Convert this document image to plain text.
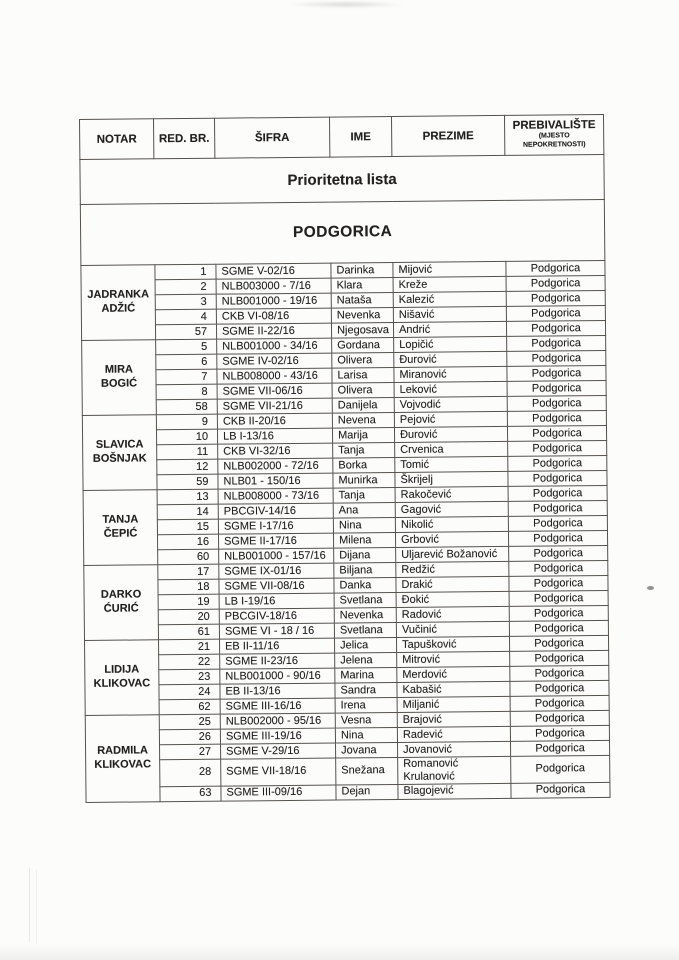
NOTAR	RED. BR.	ŠIFRA	IME	PREZIME	PREBIVALIŠTE
(MJESTO
NEPOKRETNOSTI)

Prioritetna lista					
PODGORICA					
JADRANKA ADŽIĆ	1	SGME V-02/16	Darinka	Mijović	Podgorica
	2	NLB003000 - 7/16	Klara	Kreže	Podgorica
	3	NLB001000 - 19/16	Nataša	Kalezić	Podgorica
	4	CKB VI-08/16	Nevenka	Nišavić	Podgorica
	57	SGME II-22/16	Njegosava	Andrić	Podgorica
MIRA BOGIĆ	5	NLB001000 - 34/16	Gordana	Lopičić	Podgorica
	6	SGME IV-02/16	Olivera	Đurović	Podgorica
	7	NLB008000 - 43/16	Larisa	Miranović	Podgorica
	8	SGME VII-06/16	Olivera	Leković	Podgorica
	58	SGME VII-21/16	Danijela	Vojvodić	Podgorica
SLAVICA BOŠNJAK	9	CKB II-20/16	Nevena	Pejović	Podgorica
	10	LB I-13/16	Marija	Đurović	Podgorica
	11	CKB VI-32/16	Tanja	Crvenica	Podgorica
	12	NLB002000 - 72/16	Borka	Tomić	Podgorica
	59	NLB01 - 150/16	Munirka	Škrijelj	Podgorica
TANJA ČEPIĆ	13	NLB008000 - 73/16	Tanja	Rakočević	Podgorica
	14	PBCGIV-14/16	Ana	Gagović	Podgorica
	15	SGME I-17/16	Nina	Nikolić	Podgorica
	16	SGME II-17/16	Milena	Grbović	Podgorica
	60	NLB001000 - 157/16	Dijana	Uljarević Božanović	Podgorica
DARKO ĆURIĆ	17	SGME IX-01/16	Biljana	Redžić	Podgorica
	18	SGME VII-08/16	Danka	Drakić	Podgorica
	19	LB I-19/16	Svetlana	Đokić	Podgorica
	20	PBCGIV-18/16	Nevenka	Radović	Podgorica
	61	SGME VI - 18 / 16	Svetlana	Vučinić	Podgorica
LIDIJA KLIKOVAC	21	EB II-11/16	Jelica	Tapušković	Podgorica
	22	SGME II-23/16	Jelena	Mitrović	Podgorica
	23	NLB001000 - 90/16	Marina	Merdović	Podgorica
	24	EB II-13/16	Sandra	Kabašić	Podgorica
	62	SGME III-16/16	Irena	Miljanić	Podgorica
RADMILA KLIKOVAC	25	NLB002000 - 95/16	Vesna	Brajović	Podgorica
	26	SGME III-19/16	Nina	Radević	Podgorica
	27	SGME V-29/16	Jovana	Jovanović	Podgorica
	28	SGME VII-18/16	Snežana	Romanović
Krulanović	Podgorica
	63	SGME III-09/16	Dejan	Blagojević	Podgorica
